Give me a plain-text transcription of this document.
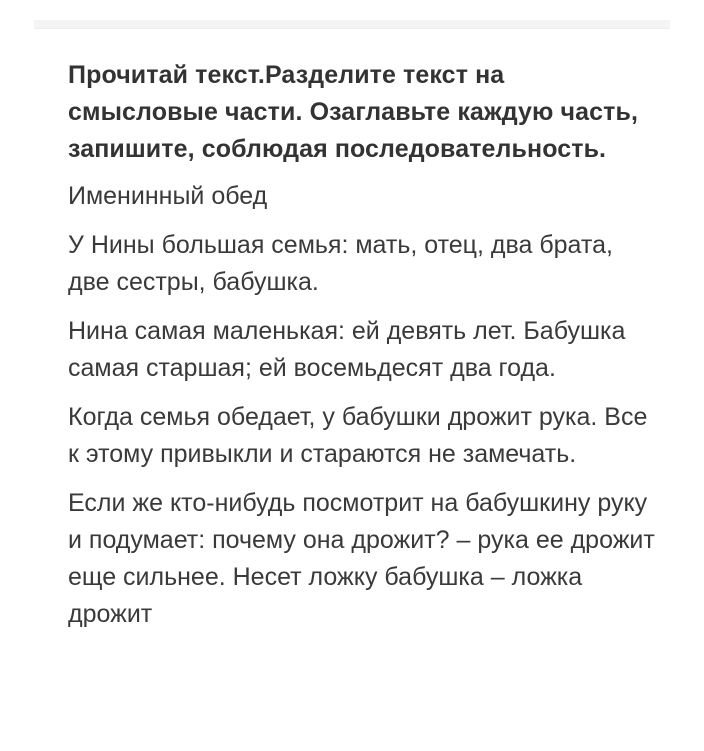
Прочитай текст.Разделите текст на смысловые части. Озаглавьте каждую часть, запишите, соблюдая последовательность.
Именинный обед
У Нины большая семья: мать, отец, два брата, две сестры, бабушка.
Нина самая маленькая: ей девять лет. Бабушка самая старшая; ей восемьдесят два года.
Когда семья обедает, у бабушки дрожит рука. Все к этому привыкли и стараются не замечать.
Если же кто-нибудь посмотрит на бабушкину руку и подумает: почему она дрожит? – рука ее дрожит еще сильнее. Несет ложку бабушка – ложка дрожит
